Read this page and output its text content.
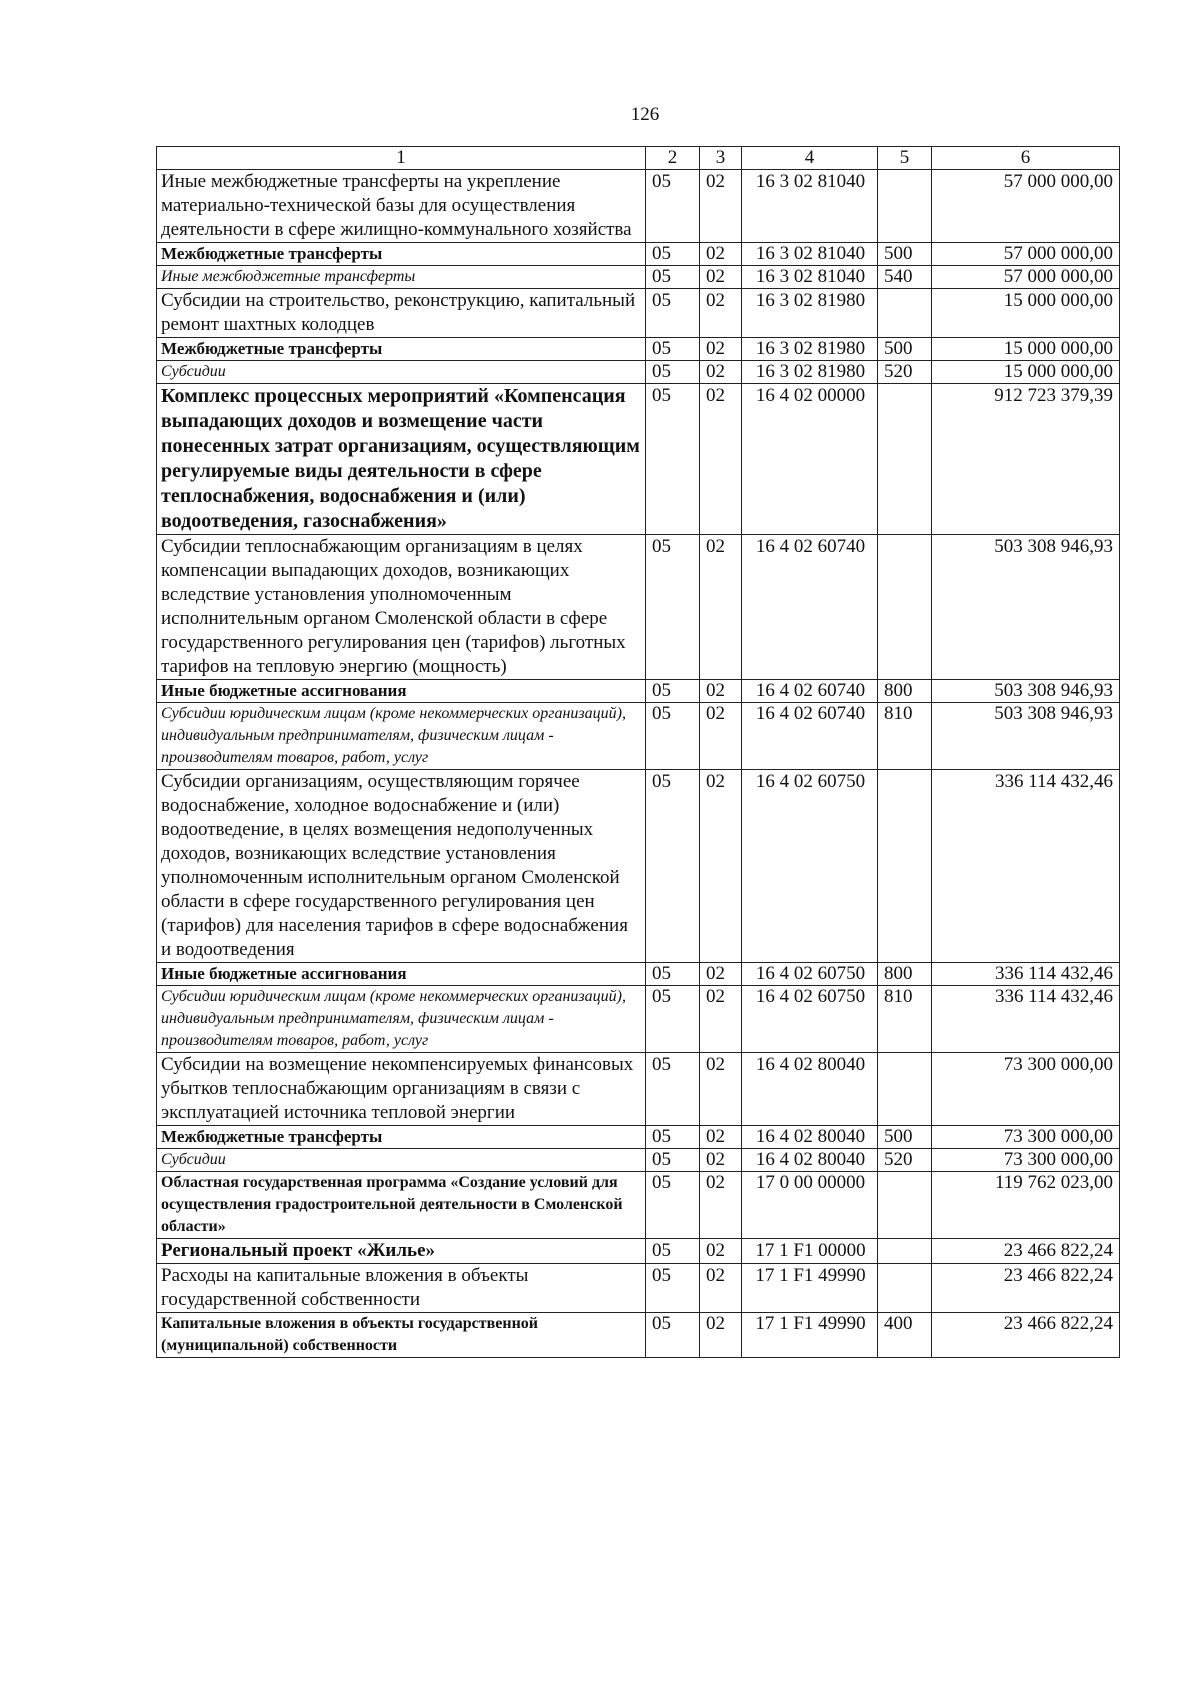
126
1	2	3	4	5	6
Иные межбюджетные трансферты на укрепление материально-технической базы для осуществления деятельности в сфере жилищно-коммунального хозяйства	05	02	16 3 02 81040		57 000 000,00
Межбюджетные трансферты	05	02	16 3 02 81040	500	57 000 000,00
Иные межбюджетные трансферты	05	02	16 3 02 81040	540	57 000 000,00
Субсидии на строительство, реконструкцию, капитальный ремонт шахтных колодцев	05	02	16 3 02 81980		15 000 000,00
Межбюджетные трансферты	05	02	16 3 02 81980	500	15 000 000,00
Субсидии	05	02	16 3 02 81980	520	15 000 000,00
Комплекс процессных мероприятий «Компенсация выпадающих доходов и возмещение части понесенных затрат организациям, осуществляющим регулируемые виды деятельности в сфере теплоснабжения, водоснабжения и (или) водоотведения, газоснабжения»	05	02	16 4 02 00000		912 723 379,39
Субсидии теплоснабжающим организациям в целях компенсации выпадающих доходов, возникающих вследствие установления уполномоченным исполнительным органом Смоленской области в сфере государственного регулирования цен (тарифов) льготных тарифов на тепловую энергию (мощность)	05	02	16 4 02 60740		503 308 946,93
Иные бюджетные ассигнования	05	02	16 4 02 60740	800	503 308 946,93
Субсидии юридическим лицам (кроме некоммерческих организаций), индивидуальным предпринимателям, физическим лицам - производителям товаров, работ, услуг	05	02	16 4 02 60740	810	503 308 946,93
Субсидии организациям, осуществляющим горячее водоснабжение, холодное водоснабжение и (или) водоотведение, в целях возмещения недополученных доходов, возникающих вследствие установления уполномоченным исполнительным органом Смоленской области в сфере государственного регулирования цен (тарифов) для населения тарифов в сфере водоснабжения и водоотведения	05	02	16 4 02 60750		336 114 432,46
Иные бюджетные ассигнования	05	02	16 4 02 60750	800	336 114 432,46
Субсидии юридическим лицам (кроме некоммерческих организаций), индивидуальным предпринимателям, физическим лицам - производителям товаров, работ, услуг	05	02	16 4 02 60750	810	336 114 432,46
Субсидии на возмещение некомпенсируемых финансовых убытков теплоснабжающим организациям в связи с эксплуатацией источника тепловой энергии	05	02	16 4 02 80040		73 300 000,00
Межбюджетные трансферты	05	02	16 4 02 80040	500	73 300 000,00
Субсидии	05	02	16 4 02 80040	520	73 300 000,00
Областная государственная программа «Создание условий для осуществления градостроительной деятельности в Смоленской области»	05	02	17 0 00 00000		119 762 023,00
Региональный проект «Жилье»	05	02	17 1 F1 00000		23 466 822,24
Расходы на капитальные вложения в объекты государственной собственности	05	02	17 1 F1 49990		23 466 822,24
Капитальные вложения в объекты государственной (муниципальной) собственности	05	02	17 1 F1 49990	400	23 466 822,24
